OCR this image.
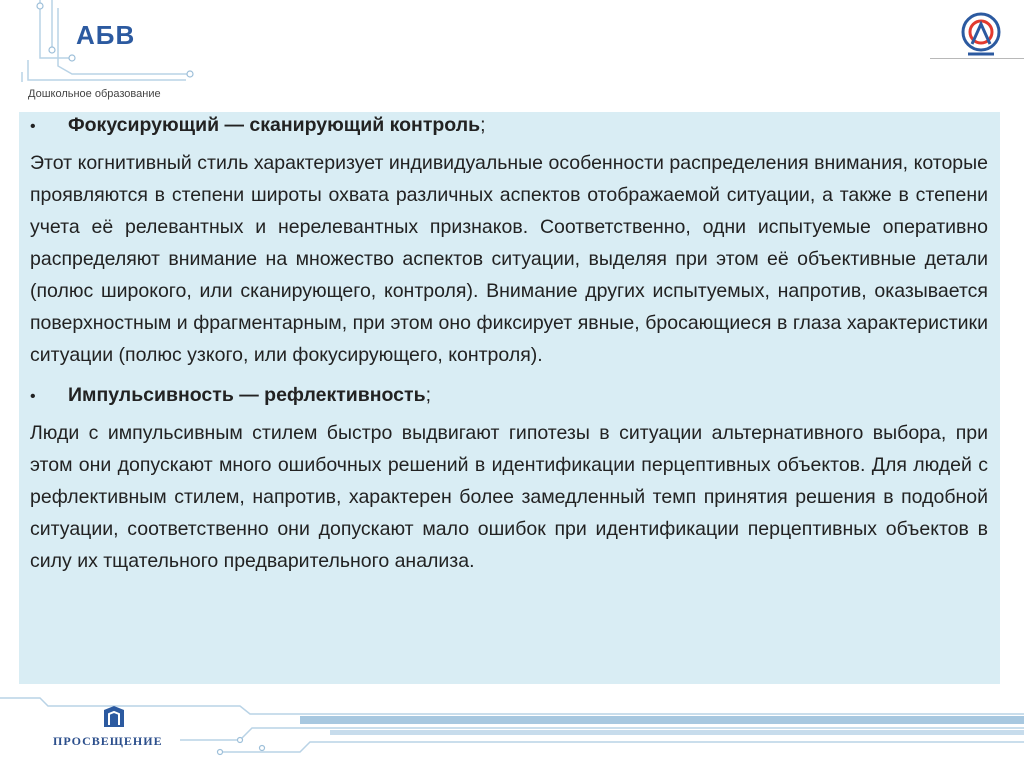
АБВ
Дошкольное образование
•	Фокусирующий — сканирующий контроль;
Этот когнитивный стиль характеризует индивидуальные особенности распределения внимания, которые проявляются в степени широты охвата различных аспектов отображаемой ситуации, а также в степени учета её релевантных и нерелевантных признаков. Соответственно, одни испытуемые оперативно распределяют внимание на множество аспектов ситуации, выделяя при этом её объективные детали (полюс широкого, или сканирующего, контроля). Внимание других испытуемых, напротив, оказывается поверхностным и фрагментарным, при этом оно фиксирует явные, бросающиеся в глаза характеристики ситуации (полюс узкого, или фокусирующего, контроля).
•	Импульсивность — рефлективность;
Люди с импульсивным стилем быстро выдвигают гипотезы в ситуации альтернативного выбора, при этом они допускают много ошибочных решений в идентификации перцептивных объектов. Для людей с рефлективным стилем, напротив, характерен более замедленный темп принятия решения в подобной ситуации, соответственно они допускают мало ошибок при идентификации перцептивных объектов в силу их тщательного предварительного анализа.
ПРОСВЕЩЕНИЕ
